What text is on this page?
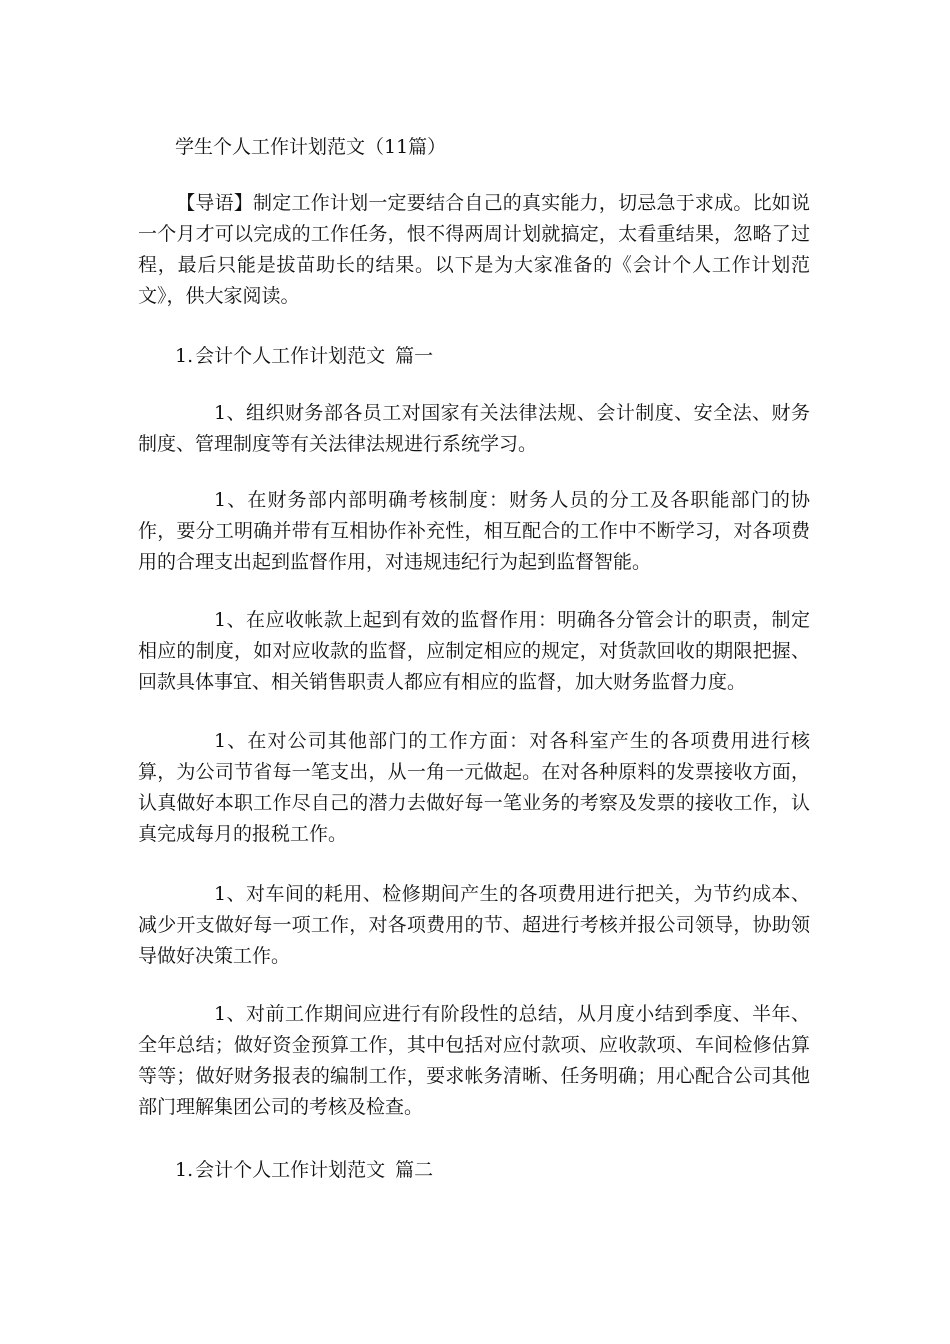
学生个人工作计划范文（11篇）

【导语】制定工作计划一定要结合自己的真实能力，切忌急于求成。比如说一个月才可以完成的工作任务，恨不得两周计划就搞定，太看重结果，忽略了过程，最后只能是拔苗助长的结果。以下是为大家准备的《会计个人工作计划范文》，供大家阅读。

1. 会计个人工作计划范文 篇一

1、组织财务部各员工对国家有关法律法规、会计制度、安全法、财务制度、管理制度等有关法律法规进行系统学习。

1、在财务部内部明确考核制度：财务人员的分工及各职能部门的协作，要分工明确并带有互相协作补充性，相互配合的工作中不断学习，对各项费用的合理支出起到监督作用，对违规违纪行为起到监督智能。

1、在应收帐款上起到有效的监督作用：明确各分管会计的职责，制定相应的制度，如对应收款的监督，应制定相应的规定，对货款回收的期限把握、回款具体事宜、相关销售职责人都应有相应的监督，加大财务监督力度。

1、在对公司其他部门的工作方面：对各科室产生的各项费用进行核算，为公司节省每一笔支出，从一角一元做起。在对各种原料的发票接收方面，认真做好本职工作尽自己的潜力去做好每一笔业务的考察及发票的接收工作，认真完成每月的报税工作。

1、对车间的耗用、检修期间产生的各项费用进行把关，为节约成本、减少开支做好每一项工作，对各项费用的节、超进行考核并报公司领导，协助领导做好决策工作。

1、对前工作期间应进行有阶段性的总结，从月度小结到季度、半年、全年总结；做好资金预算工作，其中包括对应付款项、应收款项、车间检修估算等等；做好财务报表的编制工作，要求帐务清晰、任务明确；用心配合公司其他部门理解集团公司的考核及检查。

1. 会计个人工作计划范文 篇二
